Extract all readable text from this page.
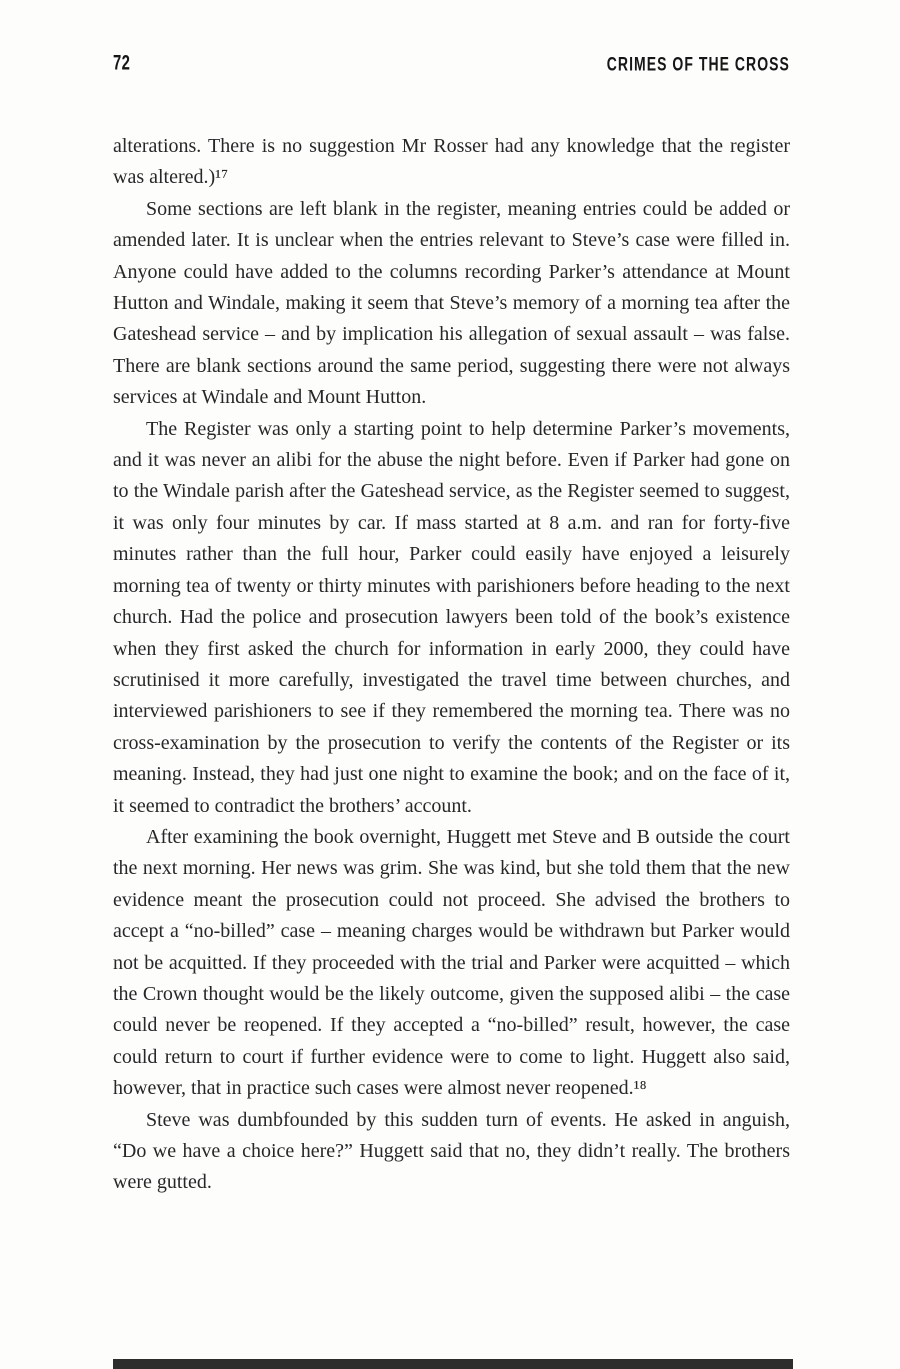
72	CRIMES OF THE CROSS

alterations. There is no suggestion Mr Rosser had any knowledge that the register was altered.)¹⁷

Some sections are left blank in the register, meaning entries could be added or amended later. It is unclear when the entries relevant to Steve’s case were filled in. Anyone could have added to the columns recording Parker’s attendance at Mount Hutton and Windale, making it seem that Steve’s memory of a morning tea after the Gateshead service – and by implication his allegation of sexual assault – was false. There are blank sections around the same period, suggesting there were not always services at Windale and Mount Hutton.

The Register was only a starting point to help determine Parker’s movements, and it was never an alibi for the abuse the night before. Even if Parker had gone on to the Windale parish after the Gateshead service, as the Register seemed to suggest, it was only four minutes by car. If mass started at 8 a.m. and ran for forty-five minutes rather than the full hour, Parker could easily have enjoyed a leisurely morning tea of twenty or thirty minutes with parishioners before heading to the next church. Had the police and prosecution lawyers been told of the book’s existence when they first asked the church for information in early 2000, they could have scrutinised it more carefully, investigated the travel time between churches, and interviewed parishioners to see if they remembered the morning tea. There was no cross-examination by the prosecution to verify the contents of the Register or its meaning. Instead, they had just one night to examine the book; and on the face of it, it seemed to contradict the brothers’ account.

After examining the book overnight, Huggett met Steve and B outside the court the next morning. Her news was grim. She was kind, but she told them that the new evidence meant the prosecution could not proceed. She advised the brothers to accept a “no-billed” case – meaning charges would be withdrawn but Parker would not be acquitted. If they proceeded with the trial and Parker were acquitted – which the Crown thought would be the likely outcome, given the supposed alibi – the case could never be reopened. If they accepted a “no-billed” result, however, the case could return to court if further evidence were to come to light. Huggett also said, however, that in practice such cases were almost never reopened.¹⁸

Steve was dumbfounded by this sudden turn of events. He asked in anguish, “Do we have a choice here?” Huggett said that no, they didn’t really. The brothers were gutted.
